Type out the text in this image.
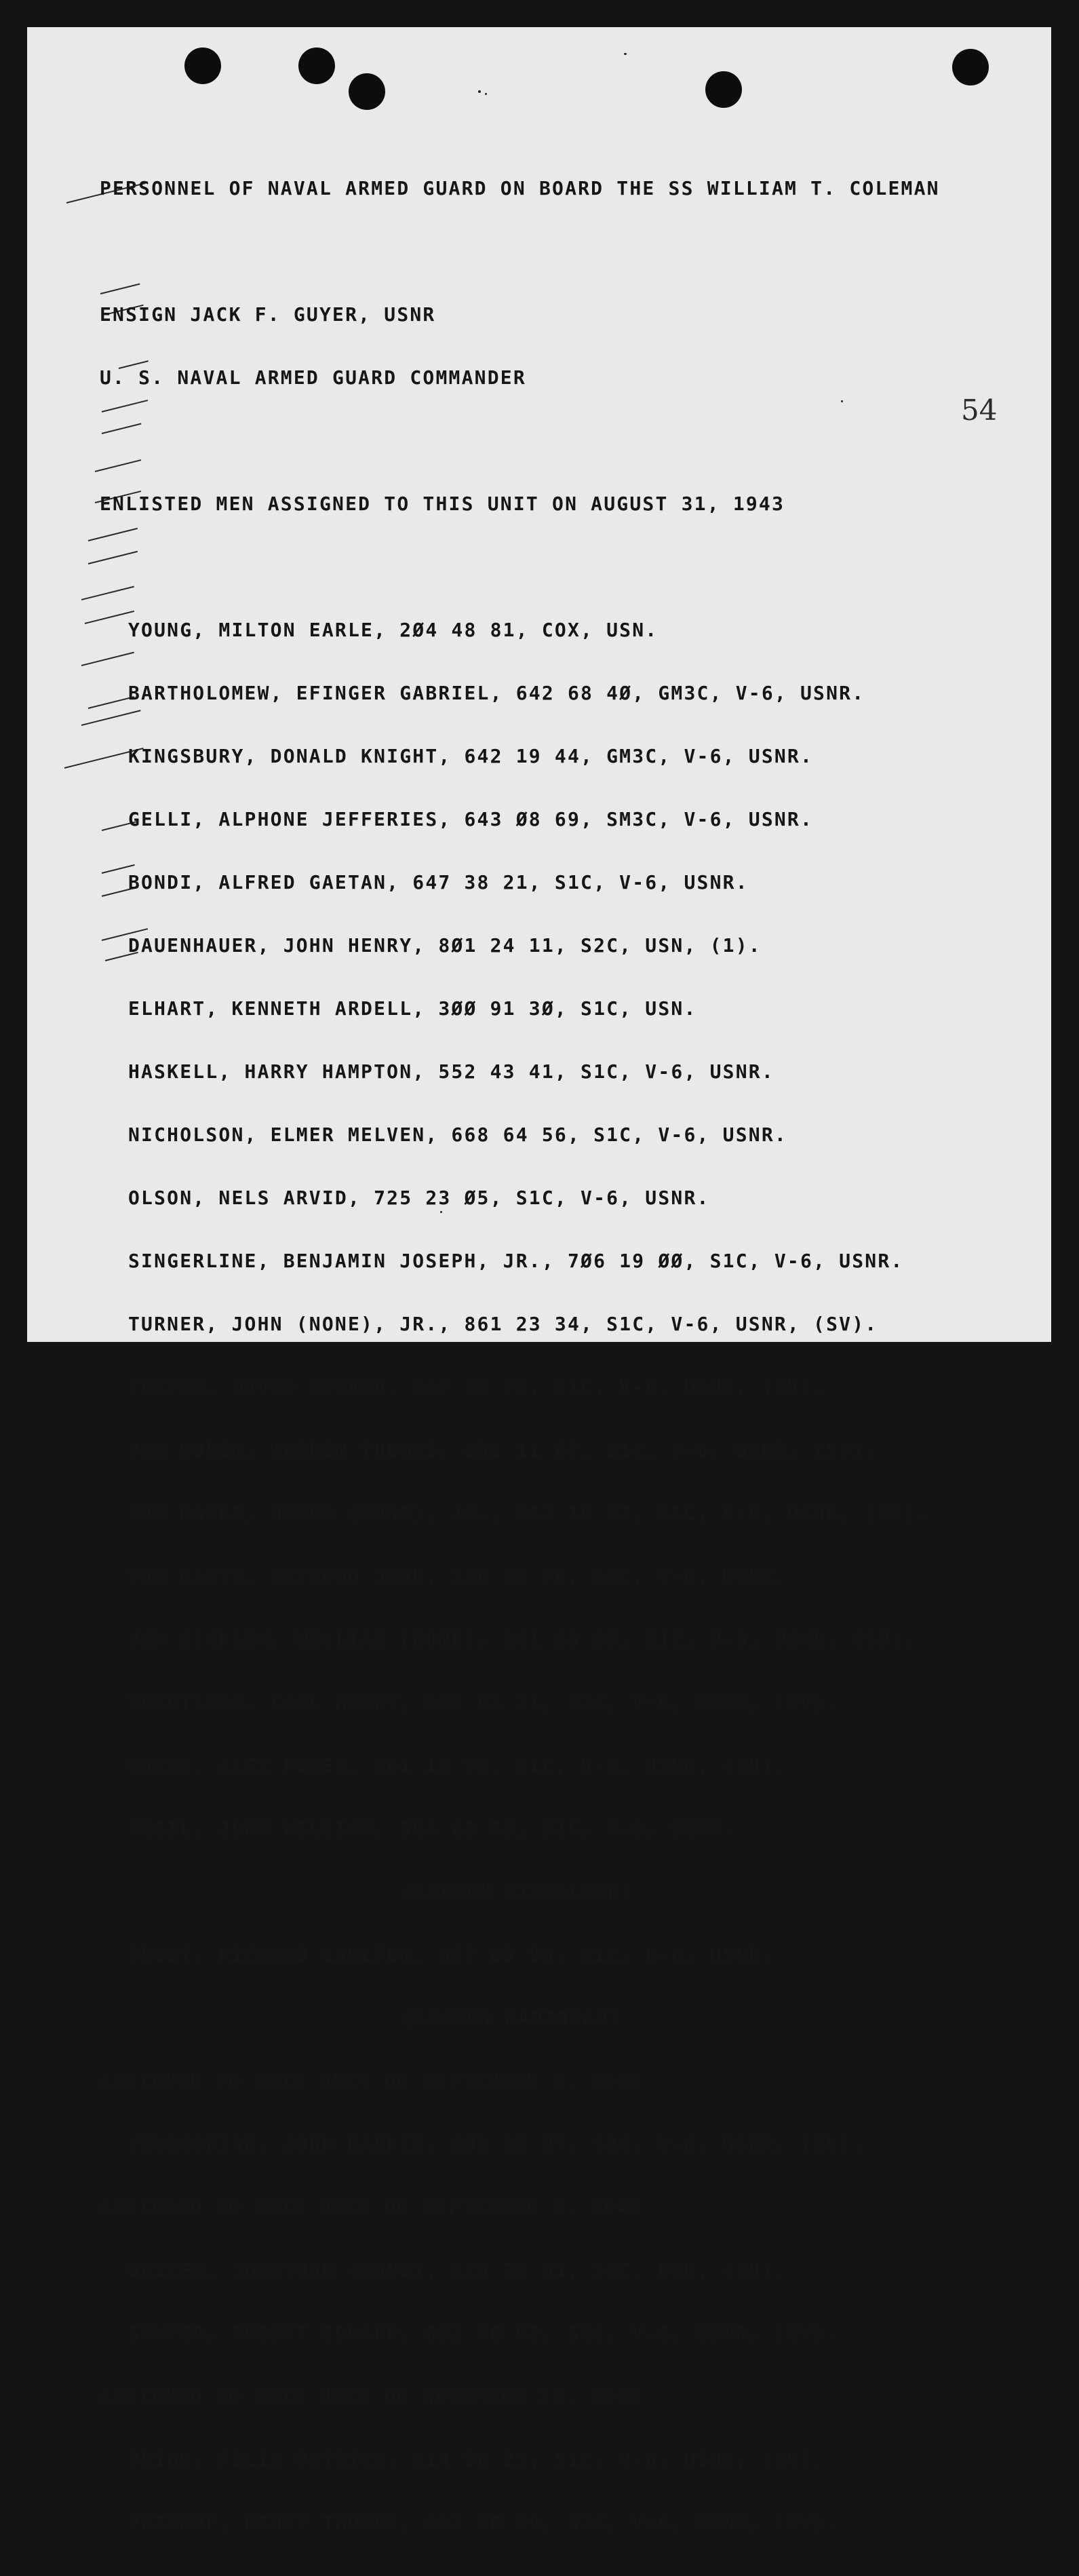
54

PERSONNEL OF NAVAL ARMED GUARD ON BOARD THE SS WILLIAM T. COLEMAN

ENSIGN JACK F. GUYER, USNR

U. S. NAVAL ARMED GUARD COMMANDER

ENLISTED MEN ASSIGNED TO THIS UNIT ON AUGUST 31, 1943

YOUNG, MILTON EARLE, 2Ø4 48 81, COX, USN.

BARTHOLOMEW, EFINGER GABRIEL, 642 68 4Ø, GM3C, V-6, USNR.

KINGSBURY, DONALD KNIGHT, 642 19 44, GM3C, V-6, USNR.

GELLI, ALPHONE JEFFERIES, 643 Ø8 69, SM3C, V-6, USNR.

BONDI, ALFRED GAETAN, 647 38 21, S1C, V-6, USNR.

DAUENHAUER, JOHN HENRY, 8Ø1 24 11, S2C, USN, (1).

ELHART, KENNETH ARDELL, 3ØØ 91 3Ø, S1C, USN.

HASKELL, HARRY HAMPTON, 552 43 41, S1C, V-6, USNR.

NICHOLSON, ELMER MELVEN, 668 64 56, S1C, V-6, USNR.

OLSON, NELS ARVID, 725 23 Ø5, S1C, V-6, USNR.

SINGERLINE, BENJAMIN JOSEPH, JR., 7Ø6 19 ØØ, S1C, V-6, USNR.

TURNER, JOHN (NONE), JR., 861 23 34, S1C, V-6, USNR, (SV).

TURPEN, DAVID EDWARD, 867 35 7Ø, S1C, V-6, USNR, (SV).

VAN KUREN, WARREN THOMAS, 852 11 67, S1C, V-6, USNR, (SV).

VAN MATRE, HOMER (NONE), JR., 852 16 67, S1C, V-6, USNR, (SV).

VAN NATTA, RAYMOND JOHN, 726 65 76, S1C, V-6, USNR.

VAN SICKLEN, WILLIAM (NONE), 861 98 ØØ, S1C, V-6, USNR, (SV).

VOEGTLINE, CARL HENRY, 868 63 71, S1C, V-6, USNR, (SV).

WARES, ALEX PETER, 861 19 92, S1C, V-6, USNR, (SV).

VIGIL, JOHN WILLIAM, 564 62 56, S1C, V-6, USNR.

(SEAMAN SIGNALMAN)

FROST, RICHARD CARLTON, 667 Ø5 99, S1C, V-6, USNR.

(SEAMAN RADIOMAN)

ASSIGNED TO THIS UNIT ON SEPTEMBER 1, 1943

YOUSOOFIAN, JOHN DARKIS, 8Ø1 85 Ø7, S2C, V-6, USNR, (SV).

ASSIGNED TO THIS UNIT ON SEPTEMBER 6, 1943

DOZIER, JONATHAN (NONE), 829 38 91, S1C, USN, (SV).

SAWYER, ROBERT EDWARD, 832 8Ø Ø2, S1C, V-6, USNR, (SV).

ASSIGNED TO THIS UNIT ON NOVEMBER 22, 1943

PRIOR, FELIX PATRICK, 814 56 23, S1C, V-6, USNR, (SV).

PRZEKUP, HENRY THOMAS, 813 3Ø 59, S1C, V-6, USNR, (SV).
